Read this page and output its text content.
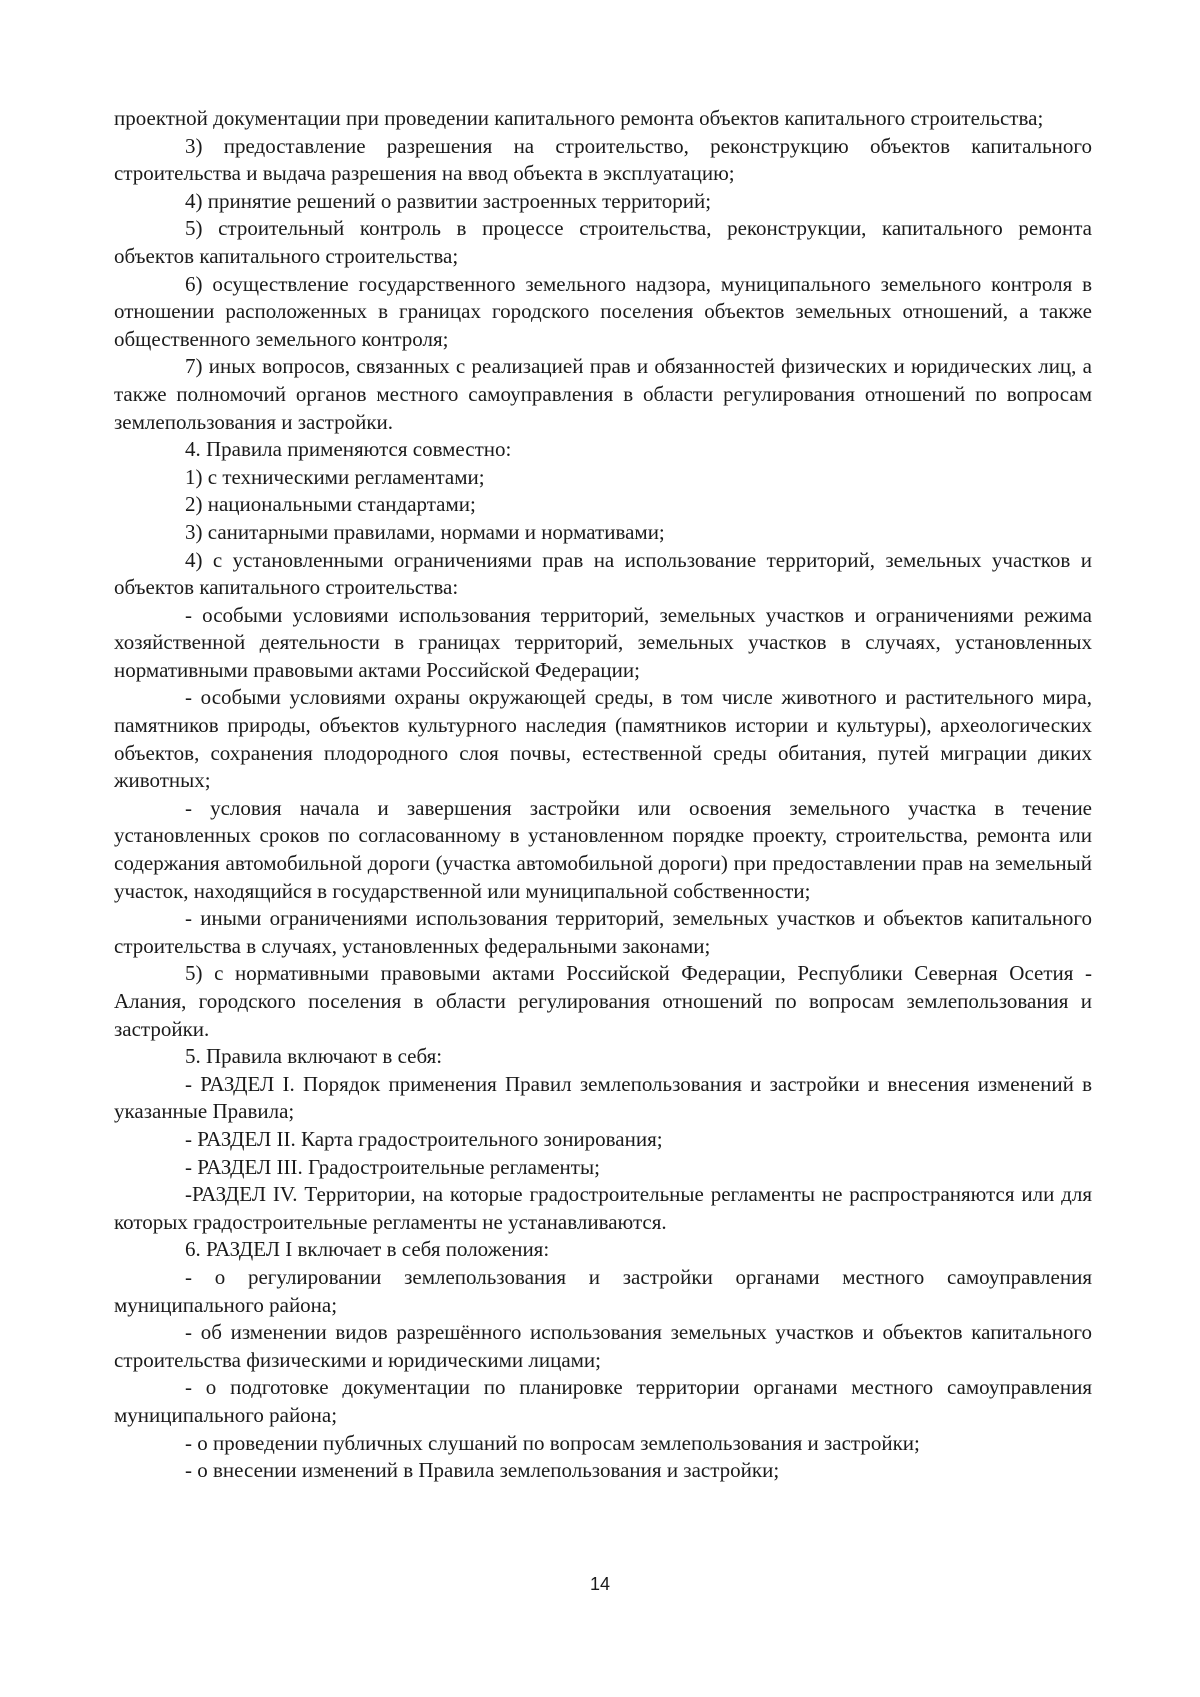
проектной документации при проведении капитального ремонта объектов капитального строительства;

3) предоставление разрешения на строительство, реконструкцию объектов капитального строительства и выдача разрешения на ввод объекта в эксплуатацию;

4) принятие решений о развитии застроенных территорий;

5) строительный контроль в процессе строительства, реконструкции, капитального ремонта объектов капитального строительства;

6) осуществление государственного земельного надзора, муниципального земельного контроля в отношении расположенных в границах городского поселения объектов земельных отношений, а также общественного земельного контроля;

7) иных вопросов, связанных с реализацией прав и обязанностей физических и юридических лиц, а также полномочий органов местного самоуправления в области регулирования отношений по вопросам землепользования и застройки.

4. Правила применяются совместно:

1) с техническими регламентами;

2) национальными стандартами;

3) санитарными правилами, нормами и нормативами;

4) с установленными ограничениями прав на использование территорий, земельных участков и объектов капитального строительства:

- особыми условиями использования территорий, земельных участков и ограничениями режима хозяйственной деятельности в границах территорий, земельных участков в случаях, установленных нормативными правовыми актами Российской Федерации;

- особыми условиями охраны окружающей среды, в том числе животного и растительного мира, памятников природы, объектов культурного наследия (памятников истории и культуры), археологических объектов, сохранения плодородного слоя почвы, естественной среды обитания, путей миграции диких животных;

- условия начала и завершения застройки или освоения земельного участка в течение установленных сроков по согласованному в установленном порядке проекту, строительства, ремонта или содержания автомобильной дороги (участка автомобильной дороги) при предоставлении прав на земельный участок, находящийся в государственной или муниципальной собственности;

- иными ограничениями использования территорий, земельных участков и объектов капитального строительства в случаях, установленных федеральными законами;

5) с нормативными правовыми актами Российской Федерации, Республики Северная Осетия - Алания, городского поселения в области регулирования отношений по вопросам землепользования и застройки.

5. Правила включают в себя:

- РАЗДЕЛ I. Порядок применения Правил землепользования и застройки и внесения изменений в указанные Правила;

- РАЗДЕЛ II. Карта градостроительного зонирования;

- РАЗДЕЛ III. Градостроительные регламенты;

-РАЗДЕЛ IV. Территории, на которые градостроительные регламенты не распространяются или для которых градостроительные регламенты не устанавливаются.

6. РАЗДЕЛ I включает в себя положения:

- о регулировании землепользования и застройки органами местного самоуправления муниципального района;

- об изменении видов разрешённого использования земельных участков и объектов капитального строительства физическими и юридическими лицами;

- о подготовке документации по планировке территории органами местного самоуправления муниципального района;

- о проведении публичных слушаний по вопросам землепользования и застройки;

- о внесении изменений в Правила землепользования и застройки;

14
